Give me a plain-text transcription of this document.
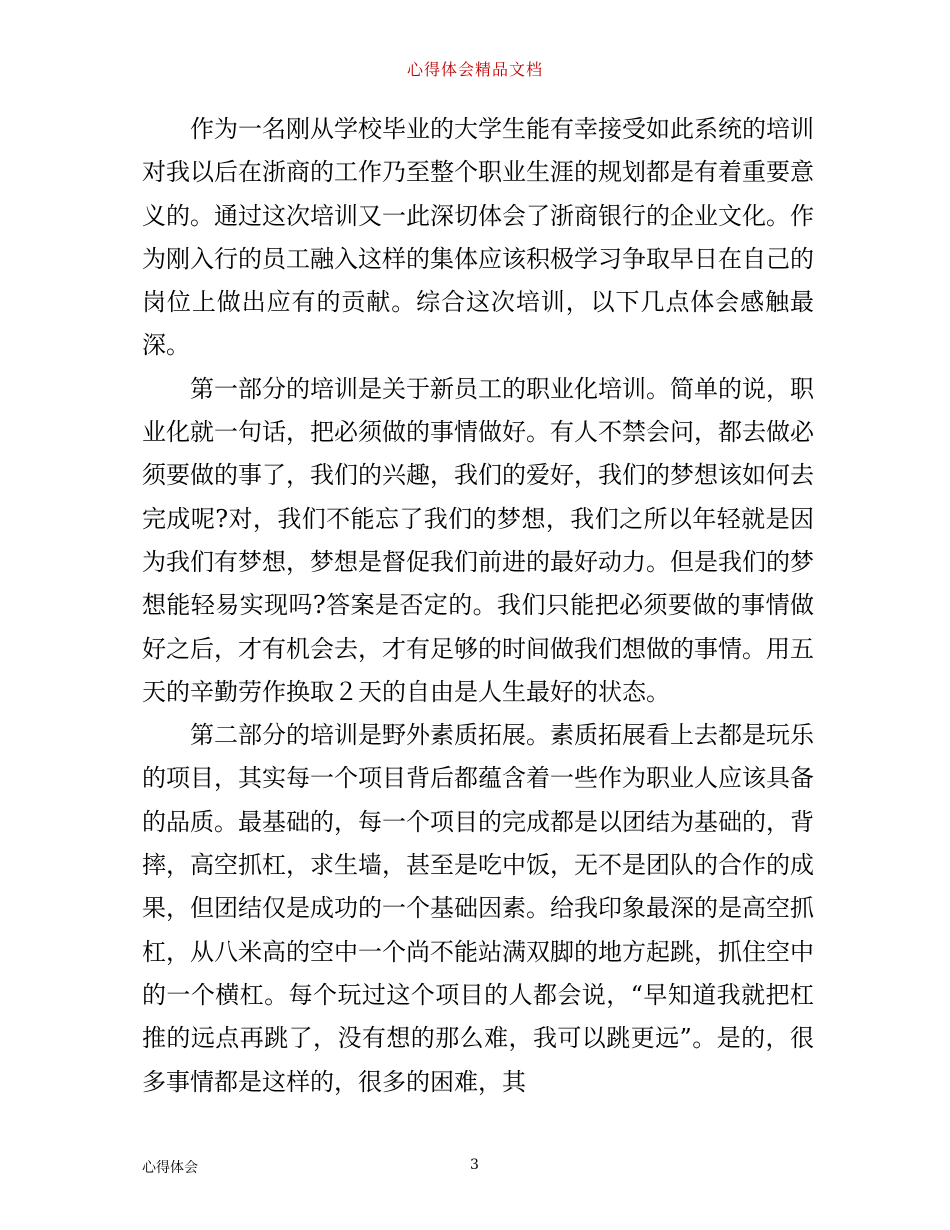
心得体会精品文档

作为一名刚从学校毕业的大学生能有幸接受如此系统的培训对我以后在浙商的工作乃至整个职业生涯的规划都是有着重要意义的。通过这次培训又一此深切体会了浙商银行的企业文化。作为刚入行的员工融入这样的集体应该积极学习争取早日在自己的岗位上做出应有的贡献。综合这次培训，以下几点体会感触最深。

第一部分的培训是关于新员工的职业化培训。简单的说，职业化就一句话，把必须做的事情做好。有人不禁会问，都去做必须要做的事了，我们的兴趣，我们的爱好，我们的梦想该如何去完成呢?对，我们不能忘了我们的梦想，我们之所以年轻就是因为我们有梦想，梦想是督促我们前进的最好动力。但是我们的梦想能轻易实现吗?答案是否定的。我们只能把必须要做的事情做好之后，才有机会去，才有足够的时间做我们想做的事情。用五天的辛勤劳作换取２天的自由是人生最好的状态。

第二部分的培训是野外素质拓展。素质拓展看上去都是玩乐的项目，其实每一个项目背后都蕴含着一些作为职业人应该具备的品质。最基础的，每一个项目的完成都是以团结为基础的，背摔，高空抓杠，求生墙，甚至是吃中饭，无不是团队的合作的成果，但团结仅是成功的一个基础因素。给我印象最深的是高空抓杠，从八米高的空中一个尚不能站满双脚的地方起跳，抓住空中的一个横杠。每个玩过这个项目的人都会说，“早知道我就把杠推的远点再跳了，没有想的那么难，我可以跳更远”。是的，很多事情都是这样的，很多的困难，其

心得体会	3
